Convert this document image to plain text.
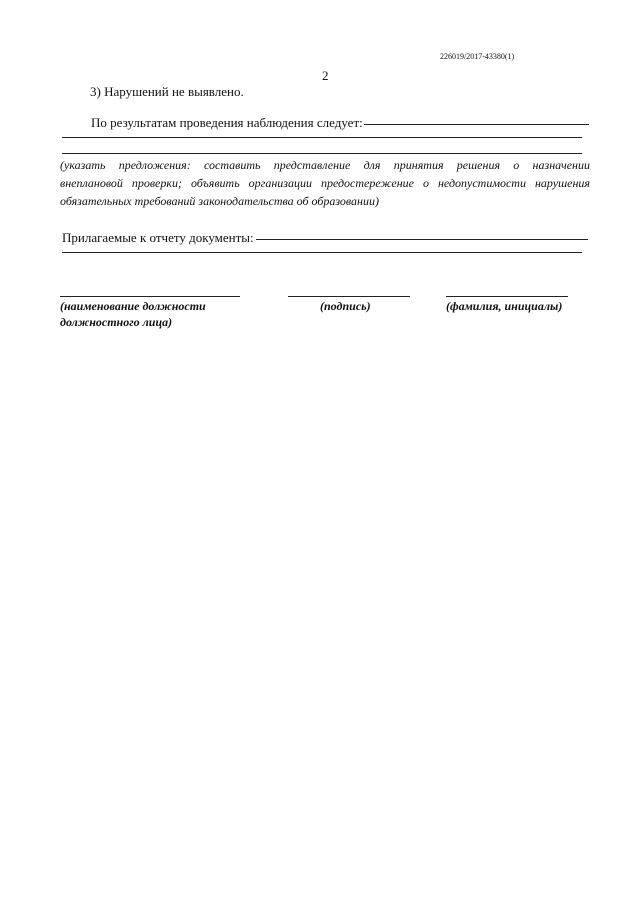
226019/2017-43380(1)
2
3) Нарушений не выявлено.
По результатам проведения наблюдения следует:
(указать предложения: составить представление для принятия решения о назначении
внеплановой проверки; объявить организации предостережение о недопустимости нарушения
обязательных требований законодательства об образовании)
Прилагаемые к отчету документы:
(наименование должности
должностного лица)
(подпись)	(фамилия, инициалы)
